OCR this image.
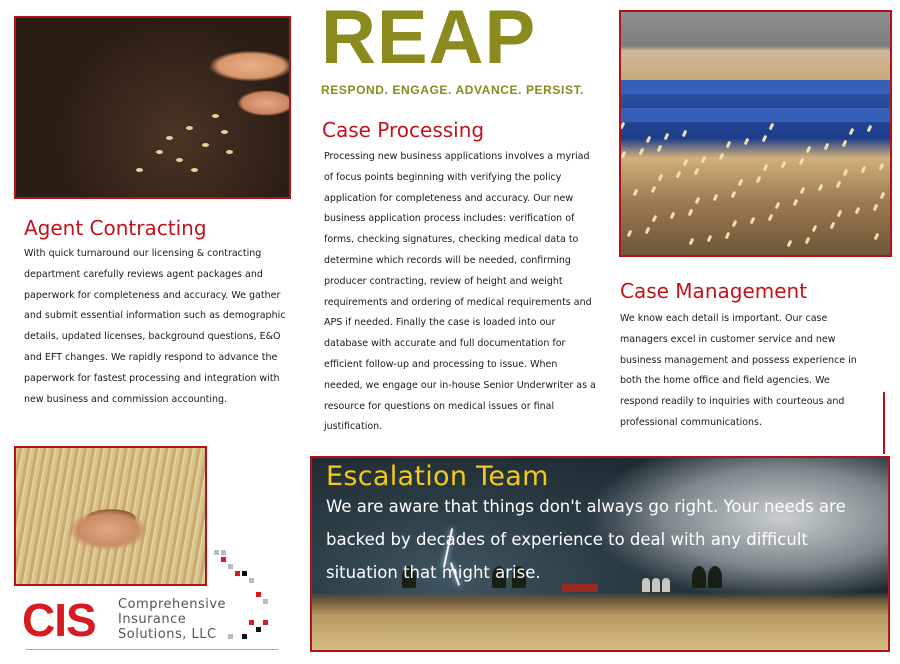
REAP
RESPOND. ENGAGE. ADVANCE. PERSIST.
Case Processing
Processing new business applications involves a myriad of focus points beginning with verifying the policy application for completeness and accuracy. Our new business application process includes: verification of forms, checking signatures, checking medical data to determine which records will be needed, confirming producer contracting, review of height and weight requirements and ordering of medical requirements and APS if needed. Finally the case is loaded into our database with accurate and full documentation for efficient follow-up and processing to issue. When needed, we engage our in-house Senior Underwriter as a resource for questions on medical issues or final justification.
Agent Contracting
With quick turnaround our licensing & contracting department carefully reviews agent packages and paperwork for completeness and accuracy. We gather and submit essential information such as demographic details, updated licenses, background questions, E&O and EFT changes. We rapidly respond to advance the paperwork for fastest processing and integration with new business and commission accounting.
Case Management
We know each detail is important. Our case managers excel in customer service and new business management and possess experience in both the home office and field agencies. We respond readily to inquiries with courteous and professional communications.
Escalation Team
We are aware that things don't always go right. Your needs are backed by decades of experience to deal with any difficult situation that might arise.
CIS Comprehensive
Insurance
Solutions, LLC
